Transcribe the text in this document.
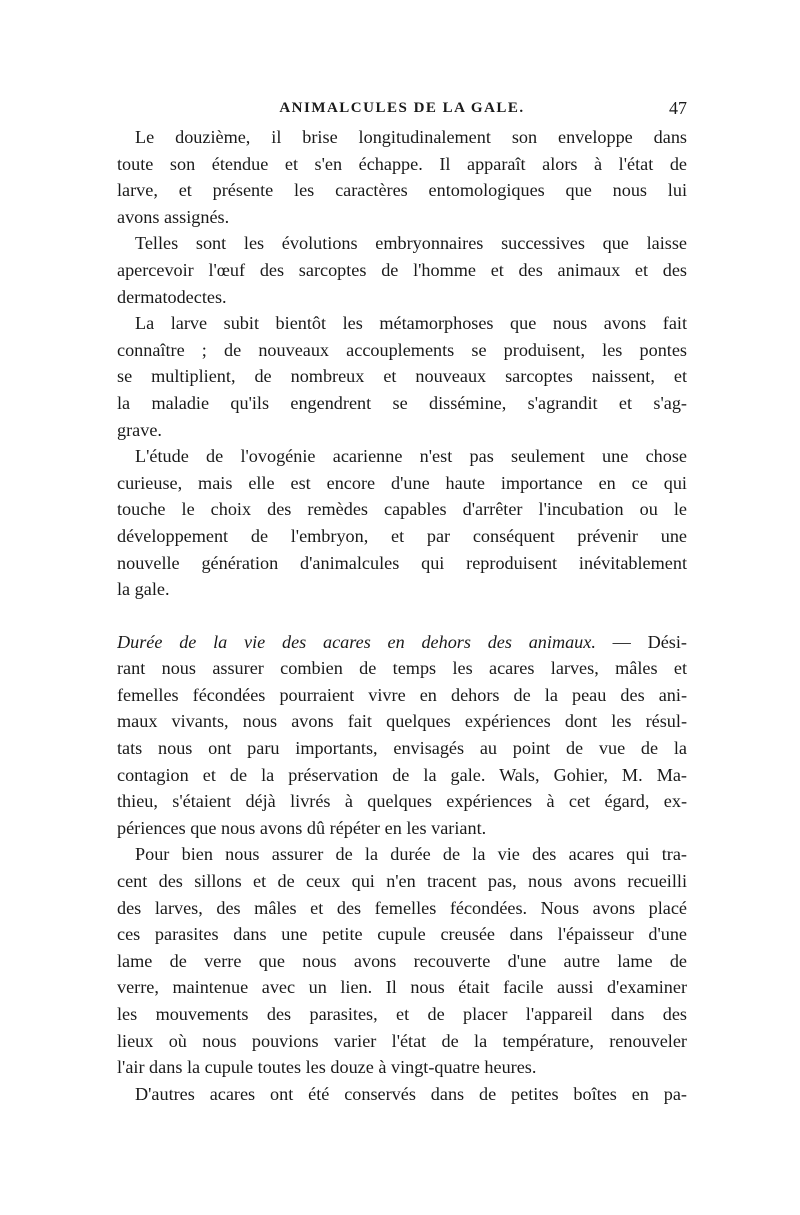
ANIMALCULES DE LA GALE.	47
Le douzième, il brise longitudinalement son enveloppe dans
toute son étendue et s'en échappe. Il apparaît alors à l'état de
larve, et présente les caractères entomologiques que nous lui
avons assignés.
Telles sont les évolutions embryonnaires successives que laisse
apercevoir l'œuf des sarcoptes de l'homme et des animaux et des
dermatodectes.
La larve subit bientôt les métamorphoses que nous avons fait
connaître ; de nouveaux accouplements se produisent, les pontes
se multiplient, de nombreux et nouveaux sarcoptes naissent, et
la maladie qu'ils engendrent se dissémine, s'agrandit et s'ag-
grave.
L'étude de l'ovogénie acarienne n'est pas seulement une chose
curieuse, mais elle est encore d'une haute importance en ce qui
touche le choix des remèdes capables d'arrêter l'incubation ou le
développement de l'embryon, et par conséquent prévenir une
nouvelle génération d'animalcules qui reproduisent inévitablement
la gale.
Durée de la vie des acares en dehors des animaux. — Dési-
rant nous assurer combien de temps les acares larves, mâles et
femelles fécondées pourraient vivre en dehors de la peau des ani-
maux vivants, nous avons fait quelques expériences dont les résul-
tats nous ont paru importants, envisagés au point de vue de la
contagion et de la préservation de la gale. Wals, Gohier, M. Ma-
thieu, s'étaient déjà livrés à quelques expériences à cet égard, ex-
périences que nous avons dû répéter en les variant.
Pour bien nous assurer de la durée de la vie des acares qui tra-
cent des sillons et de ceux qui n'en tracent pas, nous avons recueilli
des larves, des mâles et des femelles fécondées. Nous avons placé
ces parasites dans une petite cupule creusée dans l'épaisseur d'une
lame de verre que nous avons recouverte d'une autre lame de
verre, maintenue avec un lien. Il nous était facile aussi d'examiner
les mouvements des parasites, et de placer l'appareil dans des
lieux où nous pouvions varier l'état de la température, renouveler
l'air dans la cupule toutes les douze à vingt-quatre heures.
D'autres acares ont été conservés dans de petites boîtes en pa-
